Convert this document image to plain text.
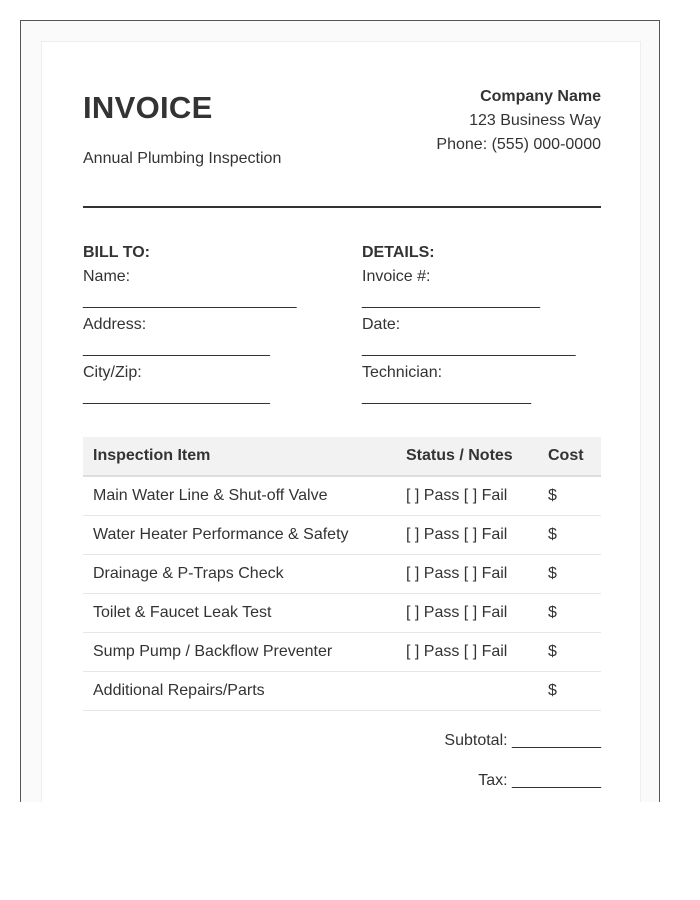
INVOICE
Annual Plumbing Inspection
Company Name
123 Business Way
Phone: (555) 000-0000
BILL TO:
Name:
________________________
Address:
_____________________
City/Zip:
_____________________
DETAILS:
Invoice #:
____________________
Date:
________________________
Technician:
___________________
Inspection Item	Status / Notes	Cost
Main Water Line & Shut-off Valve	[ ] Pass [ ] Fail	$
Water Heater Performance & Safety	[ ] Pass [ ] Fail	$
Drainage & P-Traps Check	[ ] Pass [ ] Fail	$
Toilet & Faucet Leak Test	[ ] Pass [ ] Fail	$
Sump Pump / Backflow Preventer	[ ] Pass [ ] Fail	$
Additional Repairs/Parts		$
Subtotal: __________
Tax: __________
